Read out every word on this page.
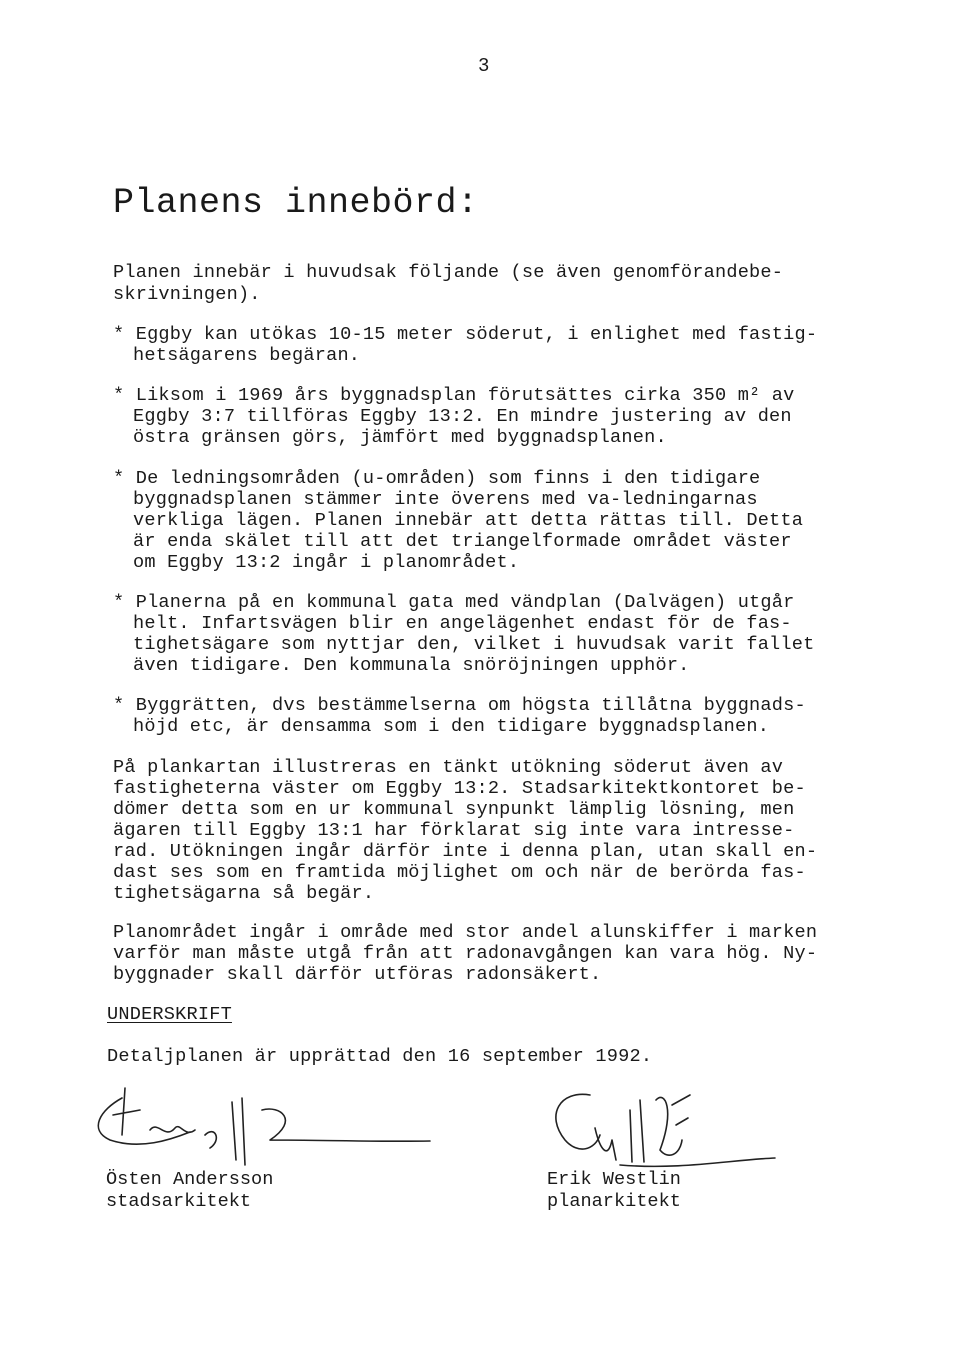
3
Planens innebörd:
Planen innebär i huvudsak följande (se även genomförandebe-
skrivningen).
* Eggby kan utökas 10-15 meter söderut, i enlighet med fastig-
hetsägarens begäran.
* Liksom i 1969 års byggnadsplan förutsättes cirka 350 m² av
Eggby 3:7 tillföras Eggby 13:2. En mindre justering av den
östra gränsen görs, jämfört med byggnadsplanen.
* De ledningsområden (u-områden) som finns i den tidigare
byggnadsplanen stämmer inte överens med va-ledningarnas
verkliga lägen. Planen innebär att detta rättas till. Detta
är enda skälet till att det triangelformade området väster
om Eggby 13:2 ingår i planområdet.
* Planerna på en kommunal gata med vändplan (Dalvägen) utgår
helt. Infartsvägen blir en angelägenhet endast för de fas-
tighetsägare som nyttjar den, vilket i huvudsak varit fallet
även tidigare. Den kommunala snöröjningen upphör.
* Byggrätten, dvs bestämmelserna om högsta tillåtna byggnads-
höjd etc, är densamma som i den tidigare byggnadsplanen.
På plankartan illustreras en tänkt utökning söderut även av
fastigheterna väster om Eggby 13:2. Stadsarkitektkontoret be-
dömer detta som en ur kommunal synpunkt lämplig lösning, men
ägaren till Eggby 13:1 har förklarat sig inte vara intresse-
rad. Utökningen ingår därför inte i denna plan, utan skall en-
dast ses som en framtida möjlighet om och när de berörda fas-
tighetsägarna så begär.
Planområdet ingår i område med stor andel alunskiffer i marken
varför man måste utgå från att radonavgången kan vara hög. Ny-
byggnader skall därför utföras radonsäkert.
UNDERSKRIFT
Detaljplanen är upprättad den 16 september 1992.
Östen Andersson
stadsarkitekt
Erik Westlin
planarkitekt
